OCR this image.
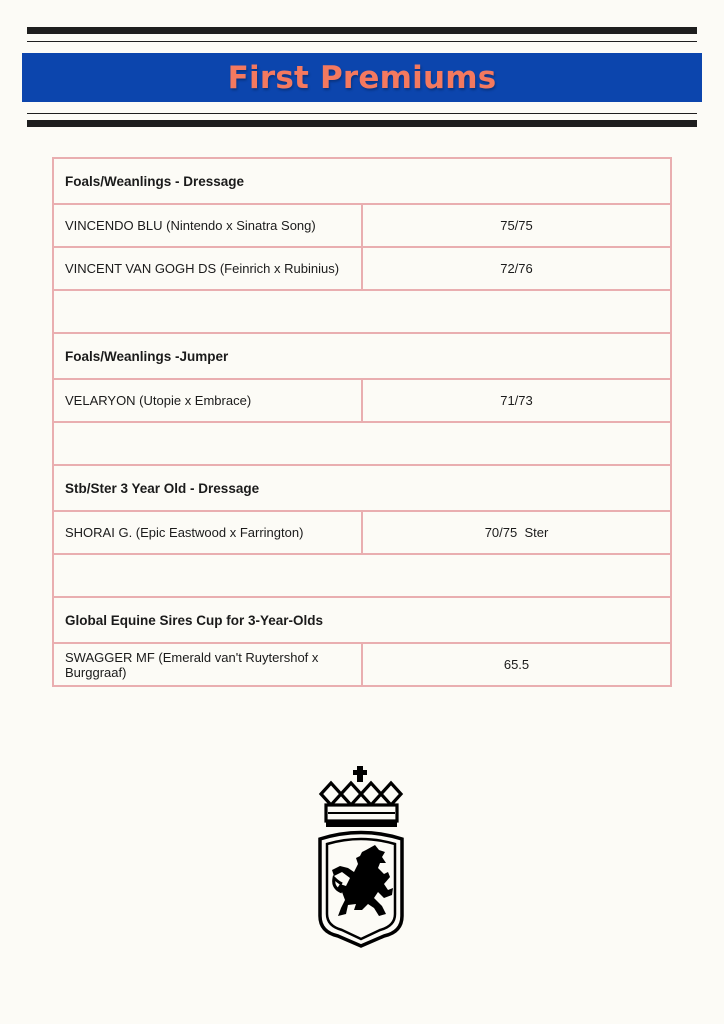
First Premiums
Foals/Weanlings - Dressage	
VINCENDO BLU (Nintendo x Sinatra Song)	75/75
VINCENT VAN GOGH DS (Feinrich x Rubinius)	72/76

Foals/Weanlings -Jumper	
VELARYON (Utopie x Embrace)	71/73

Stb/Ster 3 Year Old - Dressage	
SHORAI G. (Epic Eastwood x Farrington)	70/75  Ster

Global Equine Sires Cup for 3-Year-Olds	
SWAGGER MF (Emerald van't Ruytershof x Burggraaf)	65.5
